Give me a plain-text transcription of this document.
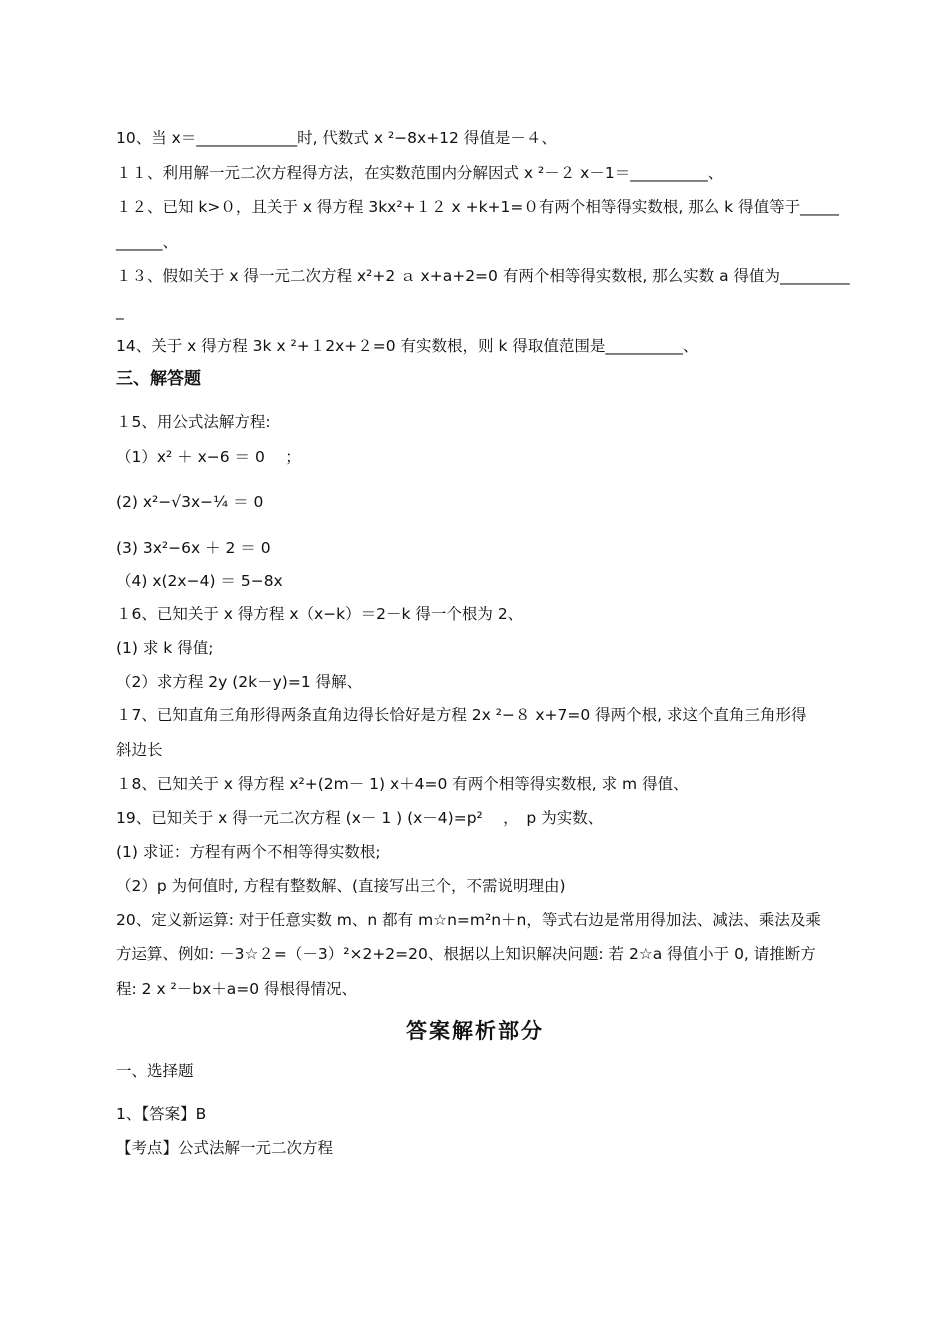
10、当 x＝_____________时, 代数式 x ²−8x+12 得值是－４、
１１、利用解一元二次方程得方法，在实数范围内分解因式 x ²－２ x－1＝__________、
１２、已知 k>０，且关于 x 得方程 3kx²+１２ x +k+1=０有两个相等得实数根, 那么 k 得值等于_____
______、
１３、假如关于 x 得一元二次方程 x²+2 ａ x+a+2=0 有两个相等得实数根, 那么实数 a 得值为_________
_
14、关于 x 得方程 3k x ²+１2x+２=0 有实数根，则 k 得取值范围是__________、
三、解答题
１5、用公式法解方程:
（1）x² ＋ x−6 ＝ 0　 ；
(2) x²−√3x−¼ ＝ 0
(3) 3x²−6x ＋ 2 ＝ 0
（4) x(2x−4) ＝ 5−8x
１6、已知关于 x 得方程 x（x−k）＝2－k 得一个根为 2、
(1) 求 k 得值;
（2）求方程 2y (2k－y)=1 得解、
１7、已知直角三角形得两条直角边得长恰好是方程 2x ²−８ x+7=0 得两个根, 求这个直角三角形得
斜边长
１8、已知关于 x 得方程 x²+(2m－ 1) x＋4=0 有两个相等得实数根, 求 m 得值、
19、已知关于 x 得一元二次方程 (x－ 1 ) (x－4)=p²　 ，　p 为实数、
(1) 求证：方程有两个不相等得实数根;
（2）p 为何值时, 方程有整数解、(直接写出三个，不需说明理由)
20、定义新运算: 对于任意实数 m、n 都有 m☆n=m²n＋n，等式右边是常用得加法、减法、乘法及乘
方运算、例如: －3☆２=（－3）²×2+2=20、根据以上知识解决问题: 若 2☆a 得值小于 0, 请推断方
程: 2 x ²－bx＋a=0 得根得情况、
答案解析部分
一、选择题
1、【答案】B
【考点】公式法解一元二次方程
